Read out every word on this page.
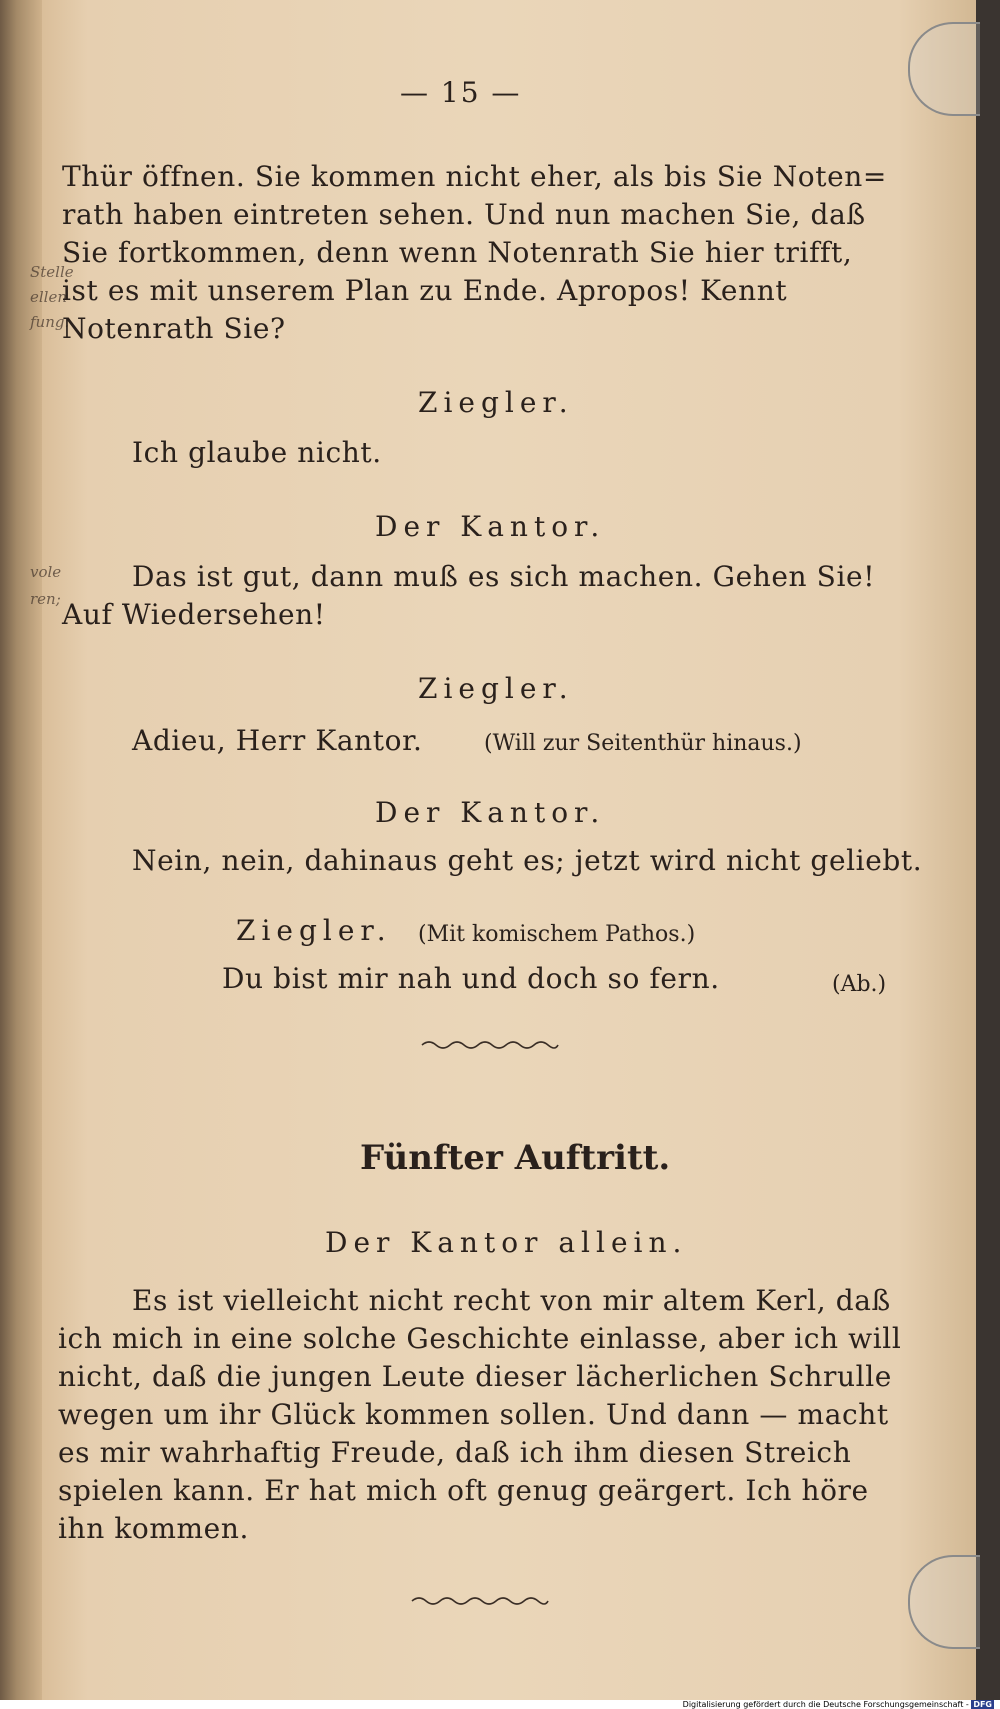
Stelle
ellen
fung.
vole
ren;
— 15 —
Thür öffnen. Sie kommen nicht eher, als bis Sie Noten=
rath haben eintreten sehen. Und nun machen Sie, daß
Sie fortkommen, denn wenn Notenrath Sie hier trifft,
ist es mit unserem Plan zu Ende. Apropos! Kennt
Notenrath Sie?
Ziegler.
Ich glaube nicht.
Der Kantor.
Das ist gut, dann muß es sich machen. Gehen Sie!
Auf Wiedersehen!
Ziegler.
Adieu, Herr Kantor.	(Will zur Seitenthür hinaus.)
Der Kantor.
Nein, nein, dahinaus geht es; jetzt wird nicht geliebt.
Ziegler. (Mit komischem Pathos.)
Du bist mir nah und doch so fern.	(Ab.)
Fünfter Auftritt.
Der Kantor allein.
Es ist vielleicht nicht recht von mir altem Kerl, daß
ich mich in eine solche Geschichte einlasse, aber ich will
nicht, daß die jungen Leute dieser lächerlichen Schrulle
wegen um ihr Glück kommen sollen. Und dann — macht
es mir wahrhaftig Freude, daß ich ihm diesen Streich
spielen kann. Er hat mich oft genug geärgert. Ich höre
ihn kommen.
Digitalisierung gefördert durch die Deutsche Forschungsgemeinschaft - DFG
